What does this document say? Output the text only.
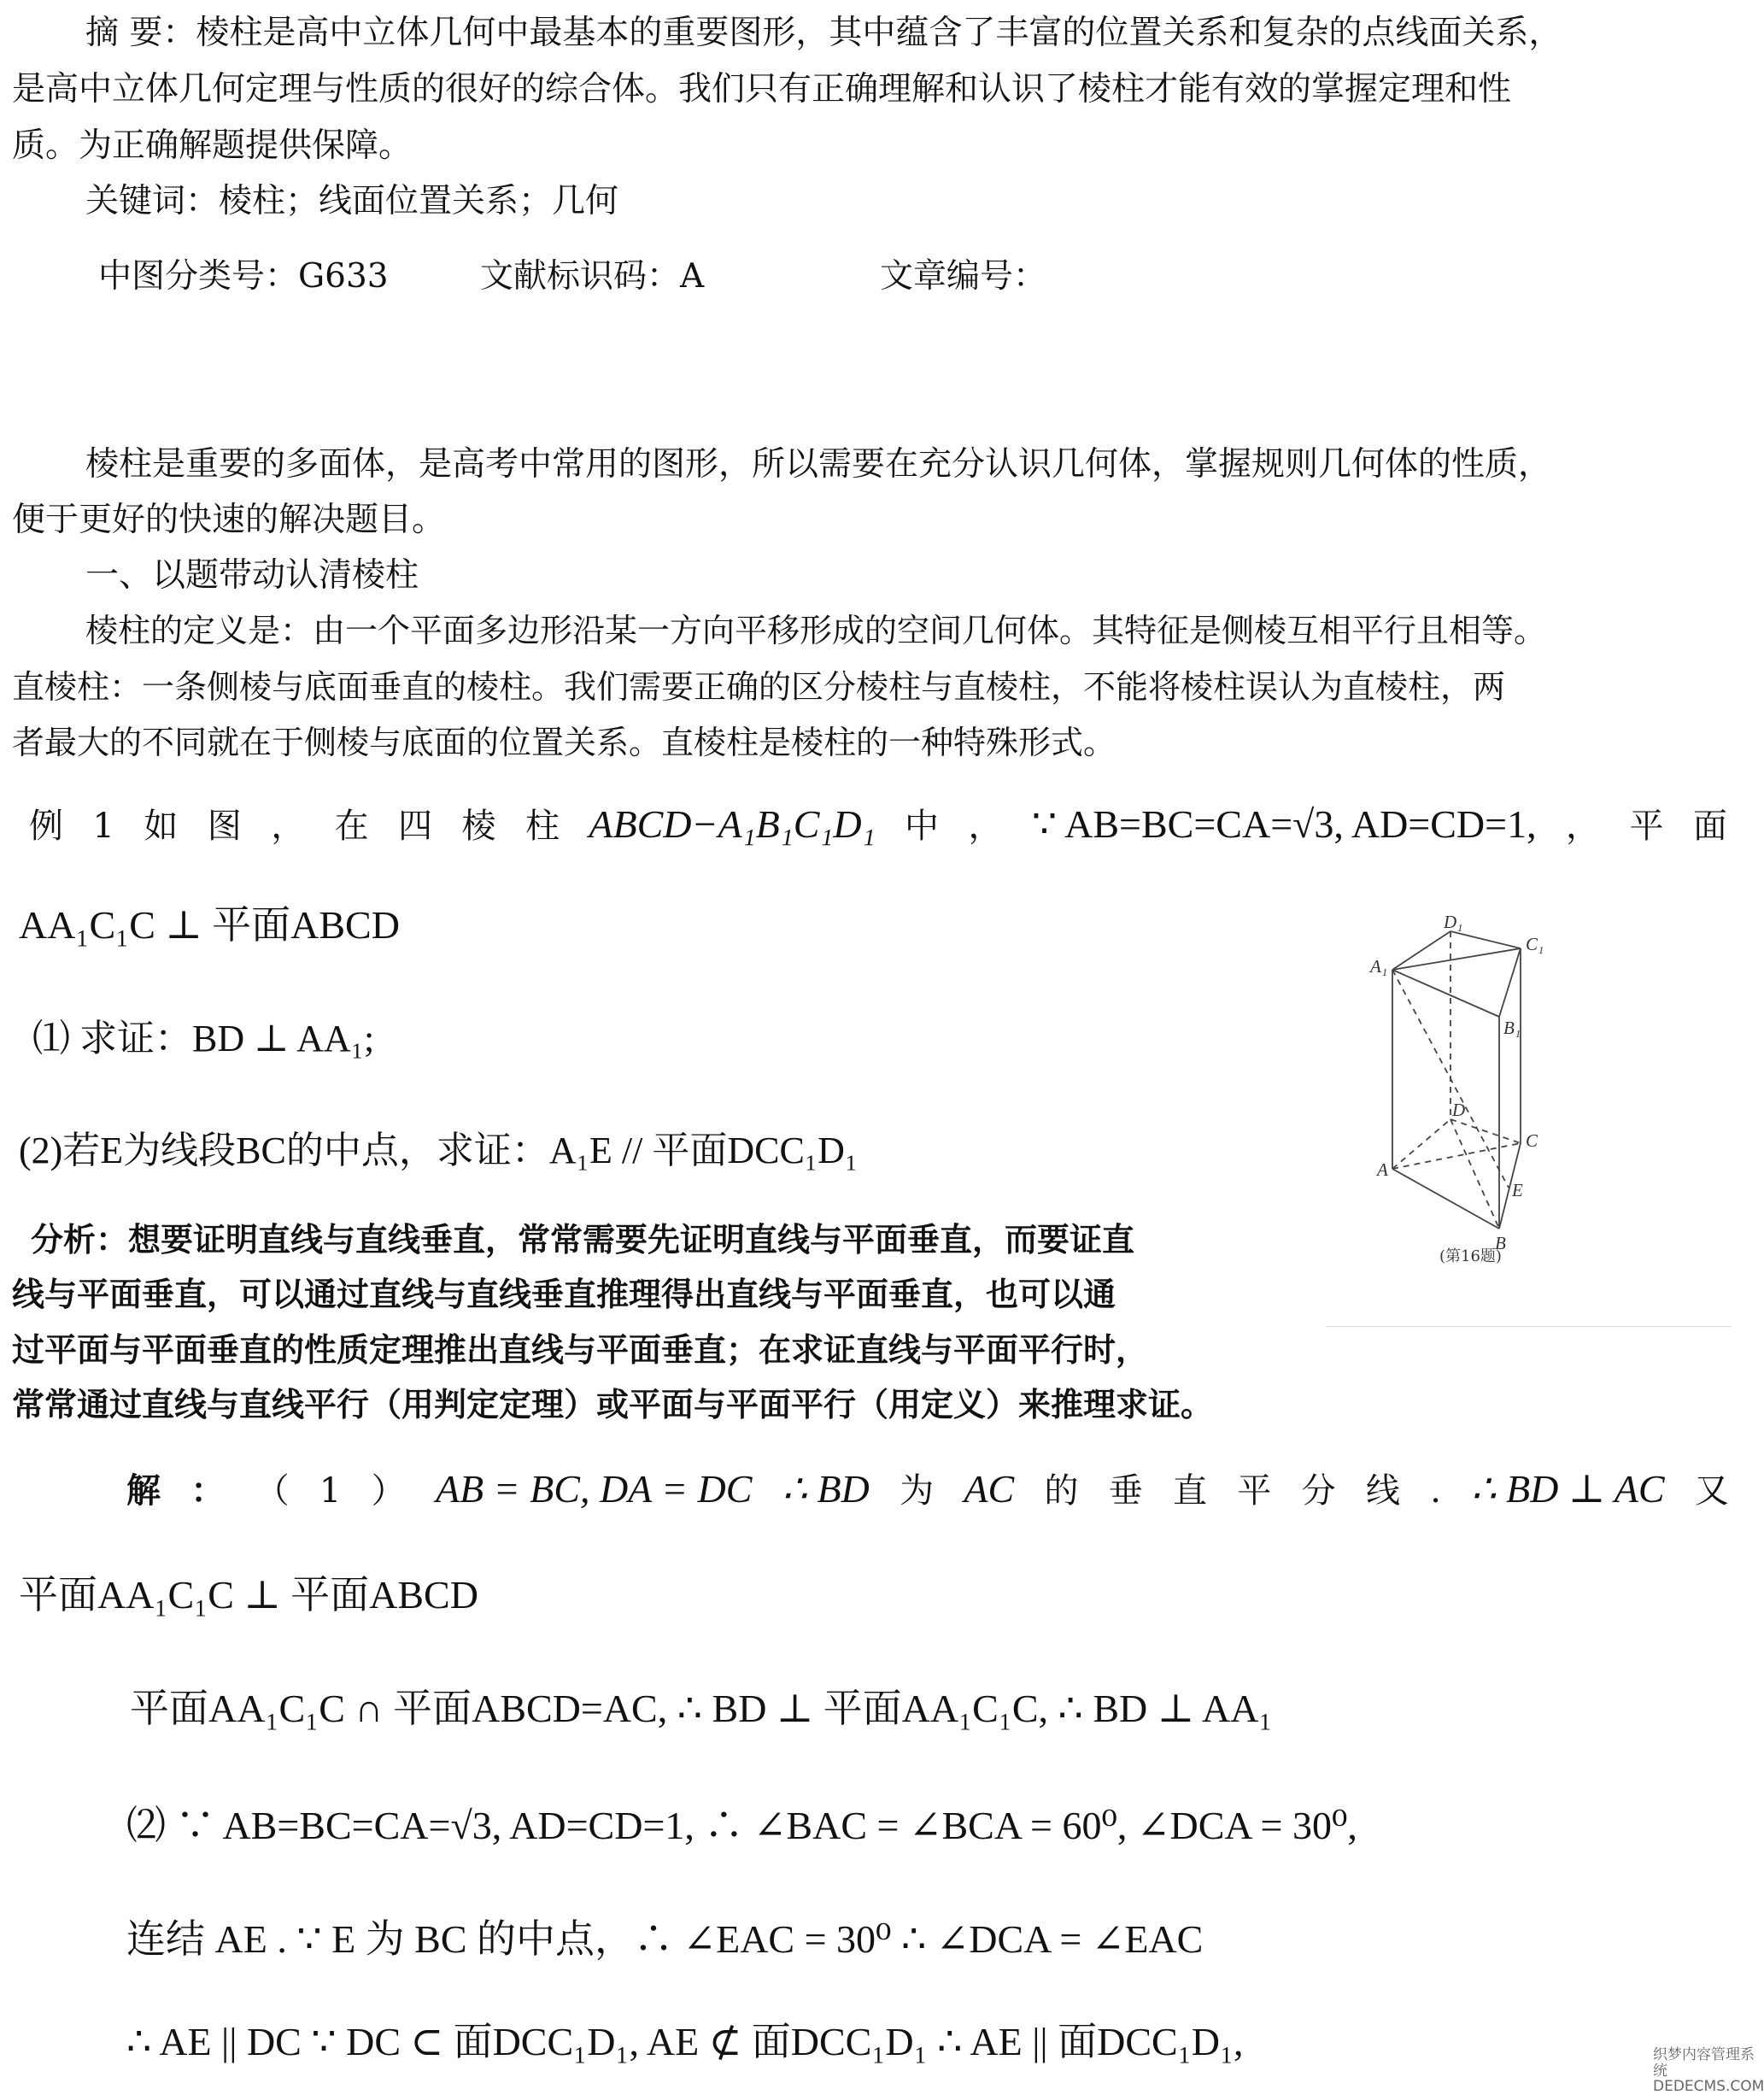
摘 要：棱柱是高中立体几何中最基本的重要图形，其中蕴含了丰富的位置关系和复杂的点线面关系，
是高中立体几何定理与性质的很好的综合体。我们只有正确理解和认识了棱柱才能有效的掌握定理和性
质。为正确解题提供保障。
关键词：棱柱；线面位置关系；几何
中图分类号：G633	文献标识码：A	文章编号：
棱柱是重要的多面体，是高考中常用的图形，所以需要在充分认识几何体，掌握规则几何体的性质，
便于更好的快速的解决题目。
一、以题带动认清棱柱
棱柱的定义是：由一个平面多边形沿某一方向平移形成的空间几何体。其特征是侧棱互相平行且相等。
直棱柱：一条侧棱与底面垂直的棱柱。我们需要正确的区分棱柱与直棱柱，不能将棱柱误认为直棱柱，两
者最大的不同就在于侧棱与底面的位置关系。直棱柱是棱柱的一种特殊形式。
例 1 如 图 ， 在 四 棱 柱 ABCD−A₁B₁C₁D₁ 中 ， ∵ AB=BC=CA=√3, AD=CD=1, ， 平 面
AA₁C₁C ⊥ 平面ABCD
⑴ 求证：BD ⊥ AA₁;
(2)若E为线段BC的中点，求证：A₁E // 平面DCC₁D₁
D₁
C₁
A₁
B₁
D
C
A
E
B
(第16题)
分析：想要证明直线与直线垂直，常常需要先证明直线与平面垂直，而要证直
线与平面垂直，可以通过直线与直线垂直推理得出直线与平面垂直，也可以通
过平面与平面垂直的性质定理推出直线与平面垂直；在求证直线与平面平行时，
常常通过直线与直线平行（用判定定理）或平面与平面平行（用定义）来推理求证。
解 ： （ 1 ） AB = BC, DA = DC ∴ BD 为 AC 的 垂 直 平 分 线 . ∴ BD ⊥ AC 又
平面AA₁C₁C ⊥ 平面ABCD
平面AA₁C₁C ∩ 平面ABCD=AC, ∴ BD ⊥ 平面AA₁C₁C, ∴ BD ⊥ AA₁
⑵ ∵ AB=BC=CA=√3, AD=CD=1, ∴ ∠BAC = ∠BCA = 60⁰, ∠DCA = 30⁰,
连结 AE . ∵ E 为 BC 的中点，∴ ∠EAC = 30⁰ ∴ ∠DCA = ∠EAC
∴ AE || DC ∵ DC ⊂ 面DCC₁D₁, AE ⊄ 面DCC₁D₁ ∴ AE || 面DCC₁D₁,	织梦内容管理系统
DEDECMS.COM
